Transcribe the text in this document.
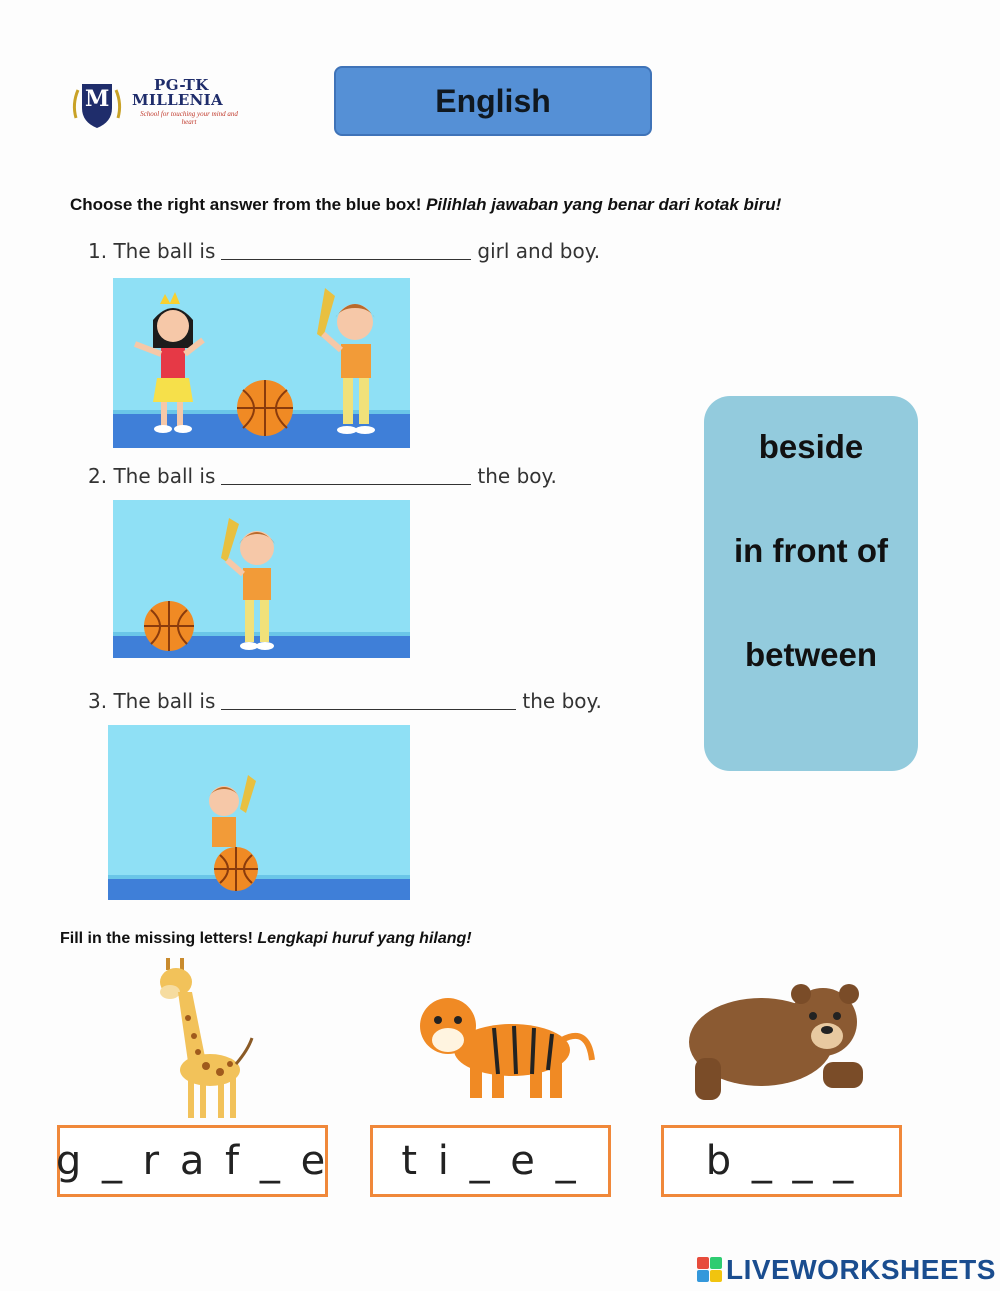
M
PG-TK
MILLENIA
School for touching your mind and heart
English
Choose the right answer from the blue box! Pilihlah jawaban yang benar dari kotak biru!
1. The ball is	girl and boy.
2. The ball is	the boy.
3. The ball is	the boy.
beside
in front of
between
Fill in the missing letters! Lengkapi huruf yang hilang!
g _ r a f _ e t i _ e _	b _ _ _
LIVEWORKSHEETS
